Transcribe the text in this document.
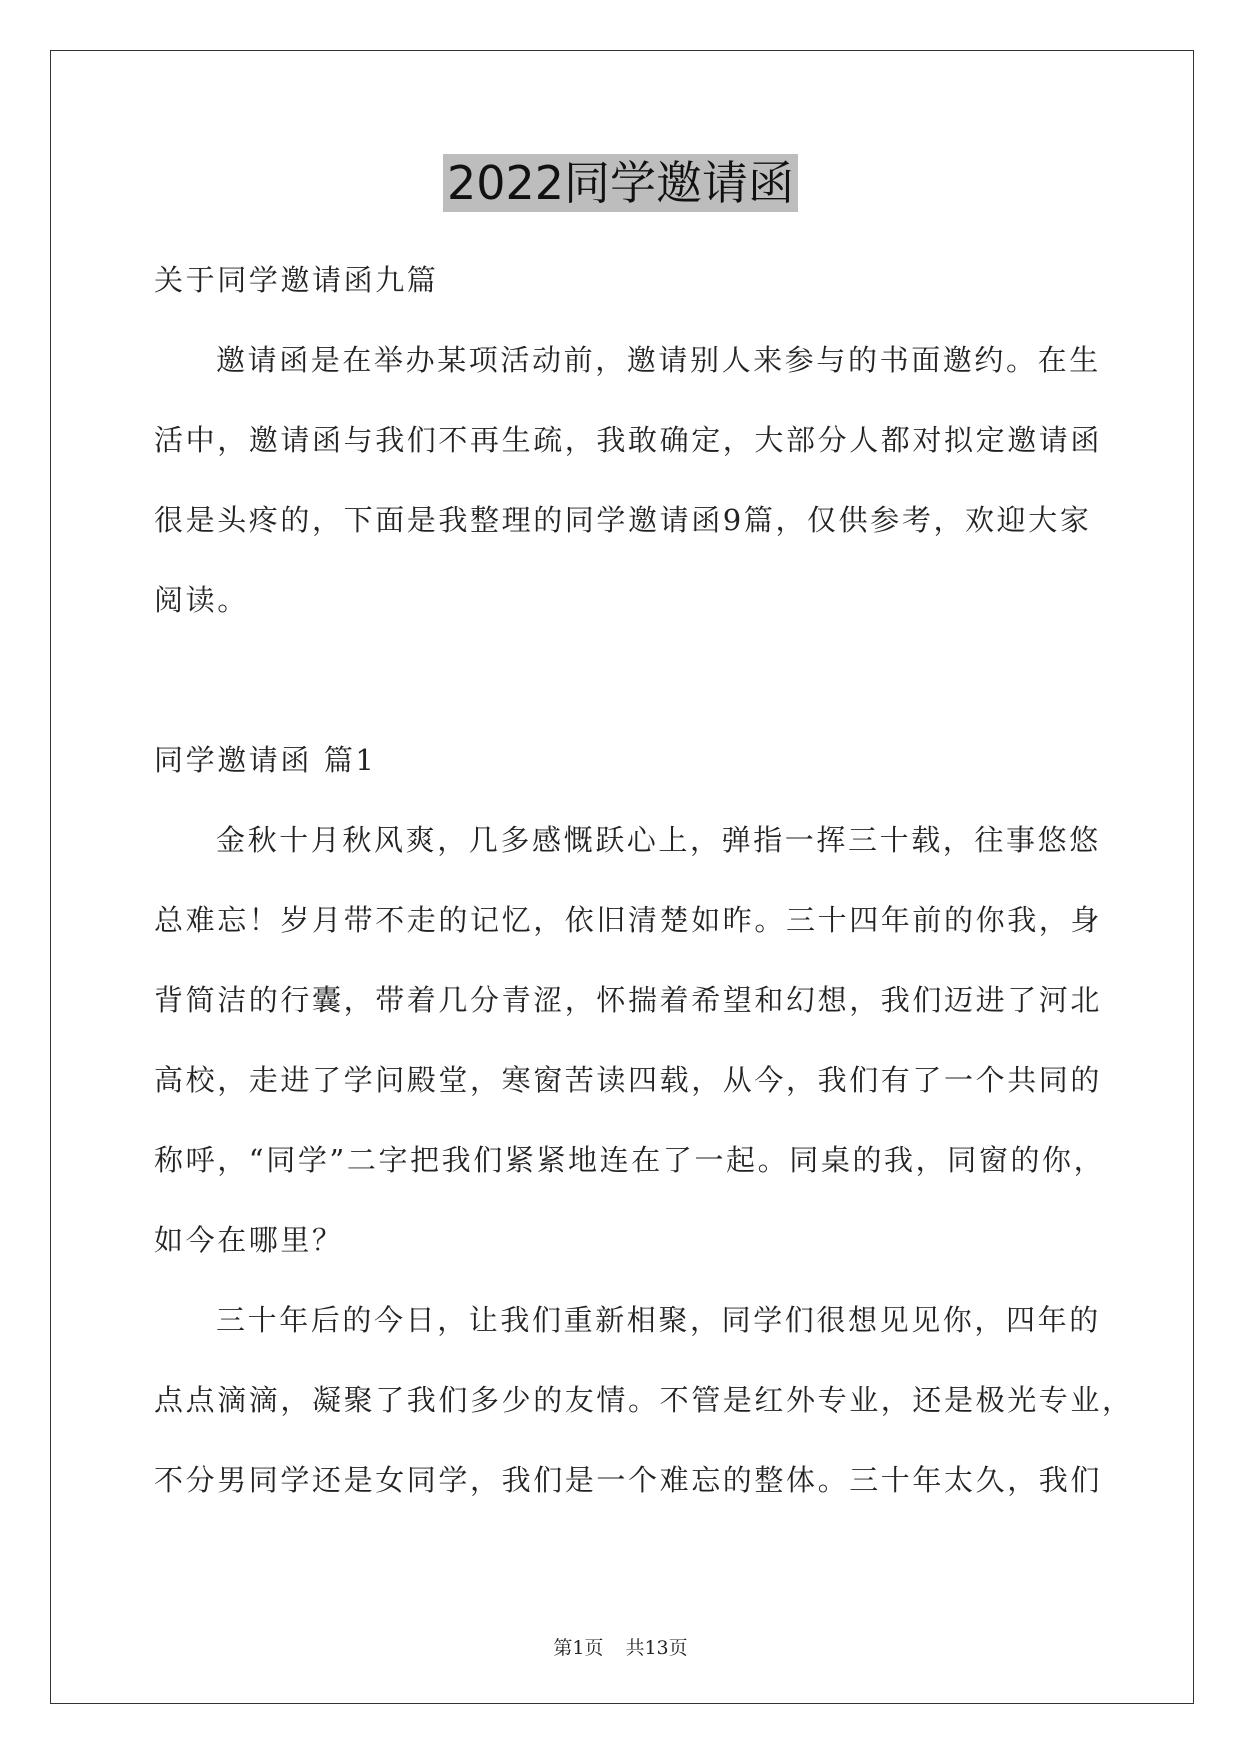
2022同学邀请函
关于同学邀请函九篇
邀请函是在举办某项活动前，邀请别人来参与的书面邀约。在生
活中，邀请函与我们不再生疏，我敢确定，大部分人都对拟定邀请函
很是头疼的，下面是我整理的同学邀请函9篇，仅供参考，欢迎大家
阅读。
同学邀请函 篇1
金秋十月秋风爽，几多感慨跃心上，弹指一挥三十载，往事悠悠
总难忘！岁月带不走的记忆，依旧清楚如昨。三十四年前的你我，身
背简洁的行囊，带着几分青涩，怀揣着希望和幻想，我们迈进了河北
高校，走进了学问殿堂，寒窗苦读四载，从今，我们有了一个共同的
称呼，“同学”二字把我们紧紧地连在了一起。同桌的我，同窗的你，
如今在哪里？
三十年后的今日，让我们重新相聚，同学们很想见见你，四年的
点点滴滴，凝聚了我们多少的友情。不管是红外专业，还是极光专业，
不分男同学还是女同学，我们是一个难忘的整体。三十年太久，我们
第1页 共13页
